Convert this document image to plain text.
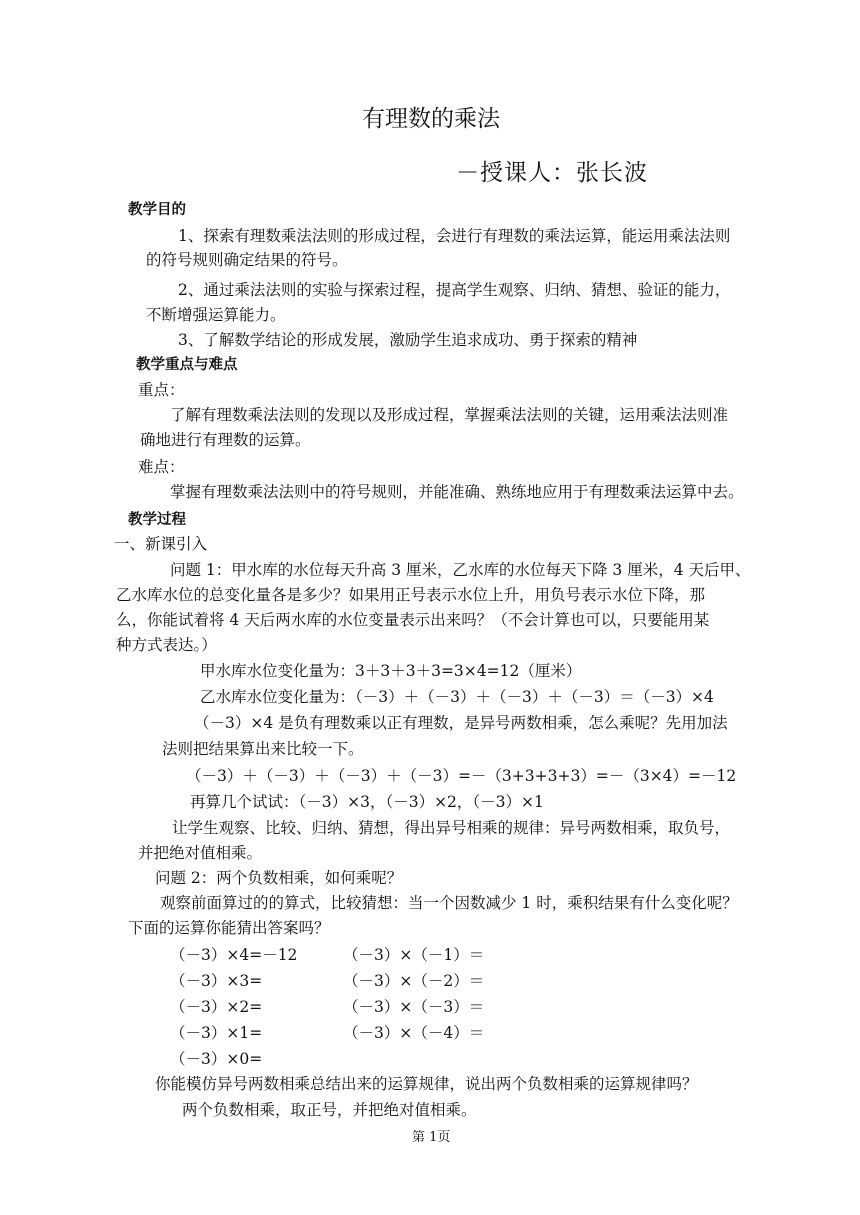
有理数的乘法
－授课人：张长波
教学目的
1、探索有理数乘法法则的形成过程，会进行有理数的乘法运算，能运用乘法法则
的符号规则确定结果的符号。
2、通过乘法法则的实验与探索过程，提高学生观察、归纳、猜想、验证的能力，
不断增强运算能力。
3、了解数学结论的形成发展，激励学生追求成功、勇于探索的精神
教学重点与难点
重点：
了解有理数乘法法则的发现以及形成过程，掌握乘法法则的关键，运用乘法法则准
确地进行有理数的运算。
难点：
掌握有理数乘法法则中的符号规则，并能准确、熟练地应用于有理数乘法运算中去。
教学过程
一、新课引入
问题 1：甲水库的水位每天升高 3 厘米，乙水库的水位每天下降 3 厘米，4 天后甲、
乙水库水位的总变化量各是多少？如果用正号表示水位上升，用负号表示水位下降，那
么，你能试着将 4 天后两水库的水位变量表示出来吗？（不会计算也可以，只要能用某
种方式表达。）
甲水库水位变化量为：3＋3＋3＋3=3×4=12（厘米）
乙水库水位变化量为：（－3）＋（－3）＋（－3）＋（－3）＝（－3）×4
（－3）×4 是负有理数乘以正有理数，是异号两数相乘，怎么乘呢？先用加法
法则把结果算出来比较一下。
（－3）＋（－3）＋（－3）＋（－3）=－（3+3+3+3）=－（3×4）=－12
再算几个试试：（－3）×3，（－3）×2，（－3）×1
让学生观察、比较、归纳、猜想，得出异号相乘的规律：异号两数相乘，取负号，
并把绝对值相乘。
问题 2：两个负数相乘，如何乘呢？
观察前面算过的的算式，比较猜想：当一个因数减少 1 时，乘积结果有什么变化呢？
下面的运算你能猜出答案吗？
（－3）×4=－12
（－3）×3=
（－3）×2=
（－3）×1=
（－3）×0=
（－3）×（－1）＝
（－3）×（－2）＝
（－3）×（－3）＝
（－3）×（－4）＝
你能模仿异号两数相乘总结出来的运算规律，说出两个负数相乘的运算规律吗？
两个负数相乘，取正号，并把绝对值相乘。
第 1页
